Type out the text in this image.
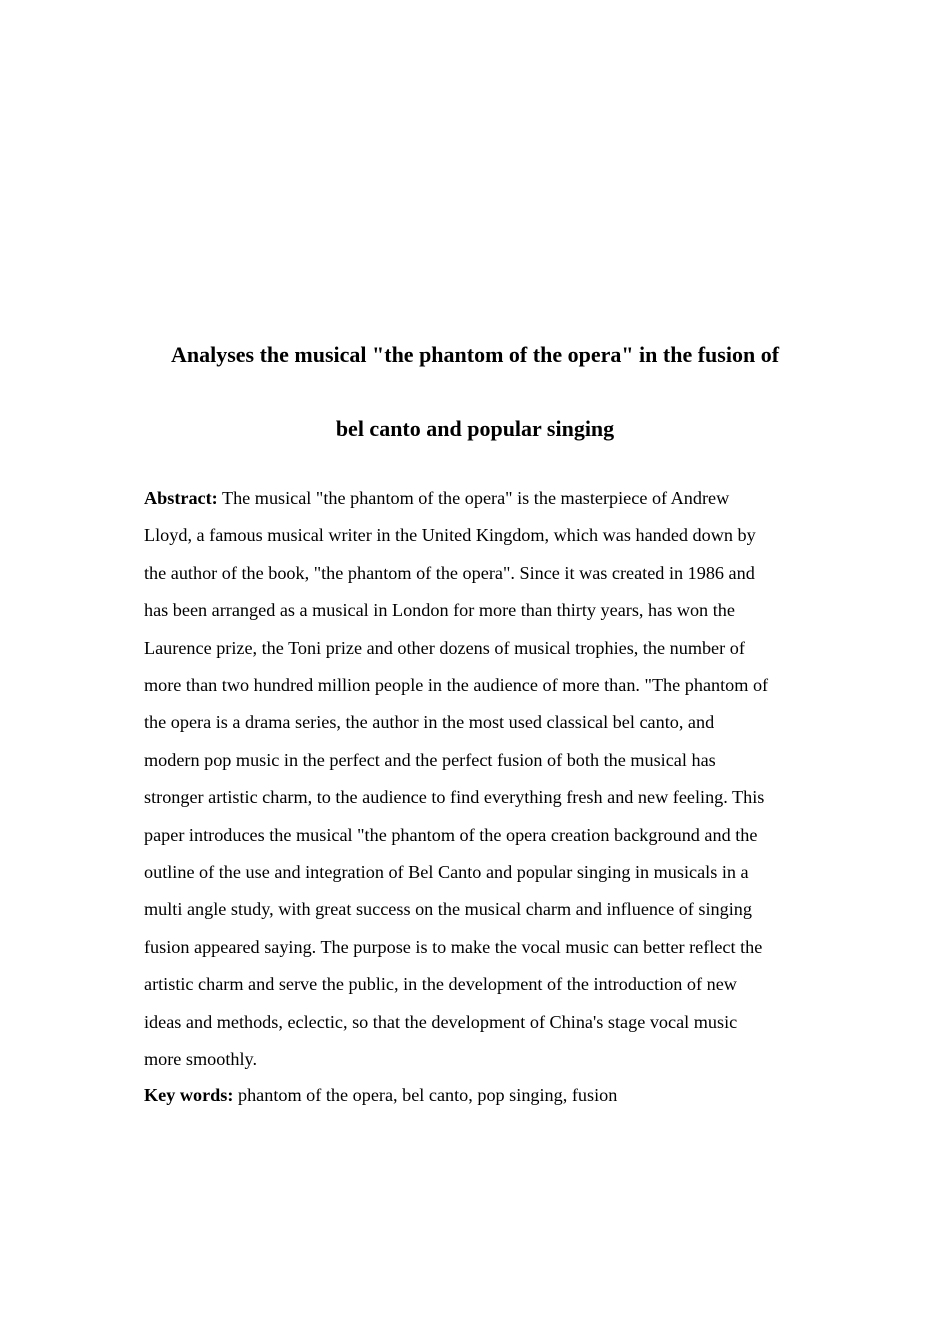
Analyses the musical "the phantom of the opera" in the fusion of
bel canto and popular singing

Abstract: The musical "the phantom of the opera" is the masterpiece of Andrew
Lloyd, a famous musical writer in the United Kingdom, which was handed down by
the author of the book, "the phantom of the opera". Since it was created in 1986 and
has been arranged as a musical in London for more than thirty years, has won the
Laurence prize, the Toni prize and other dozens of musical trophies, the number of
more than two hundred million people in the audience of more than. "The phantom of
the opera is a drama series, the author in the most used classical bel canto, and
modern pop music in the perfect and the perfect fusion of both the musical has
stronger artistic charm, to the audience to find everything fresh and new feeling. This
paper introduces the musical "the phantom of the opera creation background and the
outline of the use and integration of Bel Canto and popular singing in musicals in a
multi angle study, with great success on the musical charm and influence of singing
fusion appeared saying. The purpose is to make the vocal music can better reflect the
artistic charm and serve the public, in the development of the introduction of new
ideas and methods, eclectic, so that the development of China's stage vocal music
more smoothly.

Key words: phantom of the opera, bel canto, pop singing, fusion
